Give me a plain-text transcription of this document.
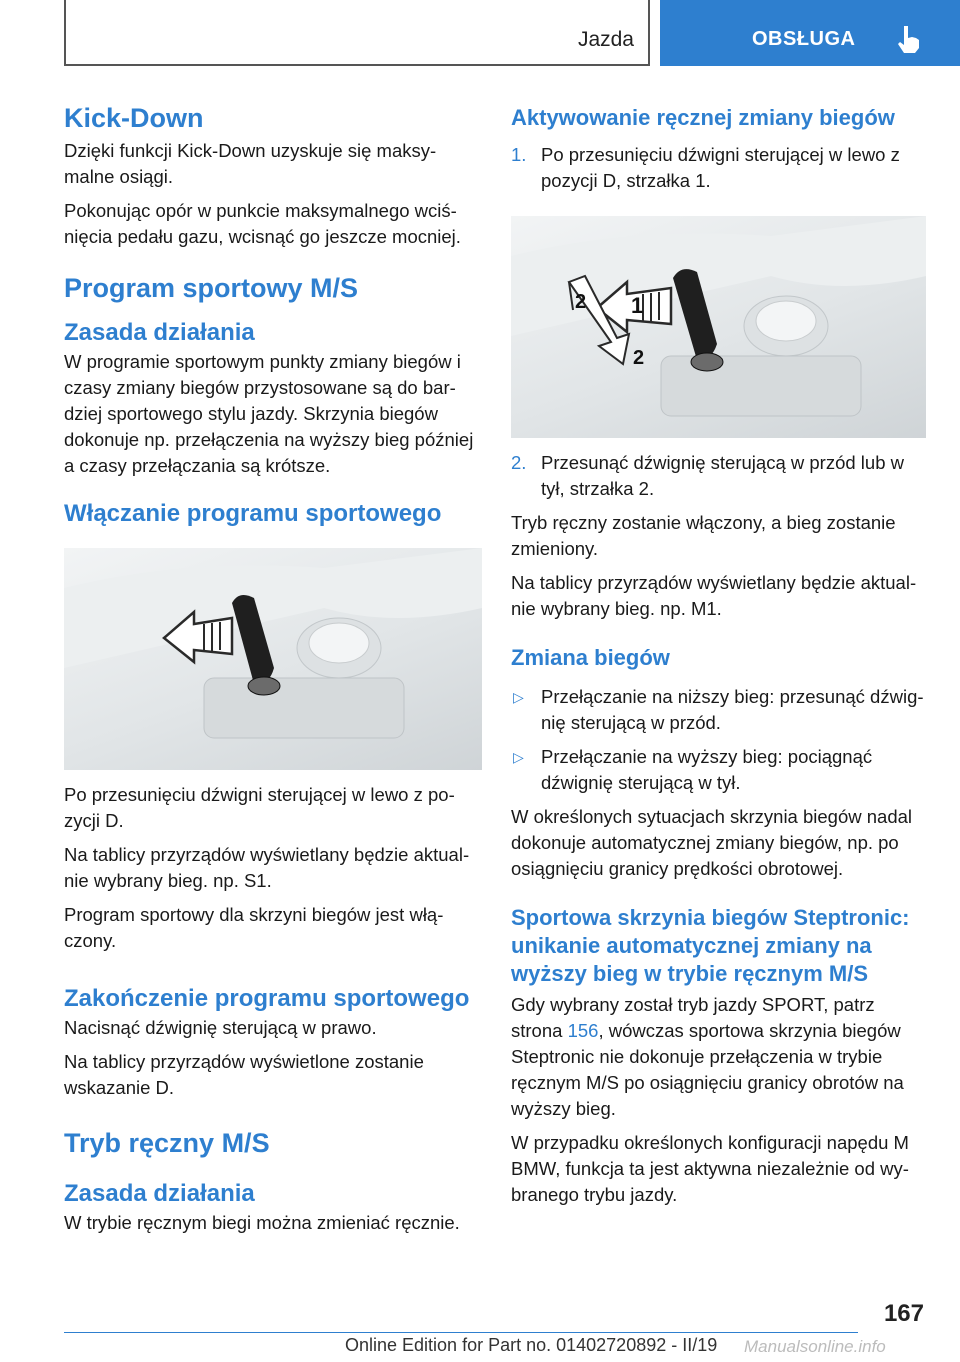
Jazda	OBSŁUGA
Kick-Down

Dzięki funkcji Kick-Down uzyskuje się maksy-malne osiągi.

Pokonując opór w punkcie maksymalnego wciś-nięcia pedału gazu, wcisnąć go jeszcze mocniej.

Program sportowy M/S
Zasada działania

W programie sportowym punkty zmiany biegów i czasy zmiany biegów przystosowane są do bar-dziej sportowego stylu jazdy. Skrzynia biegów dokonuje np. przełączenia na wyższy bieg później a czasy przełączania są krótsze.

Włączanie programu sportowego

Po przesunięciu dźwigni sterującej w lewo z po-zycji D.

Na tablicy przyrządów wyświetlany będzie aktual-nie wybrany bieg. np. S1.

Program sportowy dla skrzyni biegów jest włą-czony.

Zakończenie programu sportowego

Nacisnąć dźwignię sterującą w prawo.

Na tablicy przyrządów wyświetlone zostanie wskazanie D.

Tryb ręczny M/S
Zasada działania

W trybie ręcznym biegi można zmieniać ręcznie.

Aktywowanie ręcznej zmiany biegów
1. Po przesunięciu dźwigni sterującej w lewo z pozycji D, strzałka 1.
1
2
2
2. Przesunąć dźwignię sterującą w przód lub w tył, strzałka 2.

Tryb ręczny zostanie włączony, a bieg zostanie zmieniony.

Na tablicy przyrządów wyświetlany będzie aktual-nie wybrany bieg. np. M1.

Zmiana biegów
▷ Przełączanie na niższy bieg: przesunąć dźwig-nię sterującą w przód.
▷ Przełączanie na wyższy bieg: pociągnąć dźwignię sterującą w tył.

W określonych sytuacjach skrzynia biegów nadal dokonuje automatycznej zmiany biegów, np. po osiągnięciu granicy prędkości obrotowej.

Sportowa skrzynia biegów Steptronic: unikanie automatycznej zmiany na wyższy bieg w trybie ręcznym M/S

Gdy wybrany został tryb jazdy SPORT, patrz strona 156, wówczas sportowa skrzynia biegów Steptronic nie dokonuje przełączenia w trybie ręcznym M/S po osiągnięciu granicy obrotów na wyższy bieg.

W przypadku określonych konfiguracji napędu M BMW, funkcja ta jest aktywna niezależnie od wy-branego trybu jazdy.

167
Online Edition for Part no. 01402720892 - II/19 Manualsonline.info
